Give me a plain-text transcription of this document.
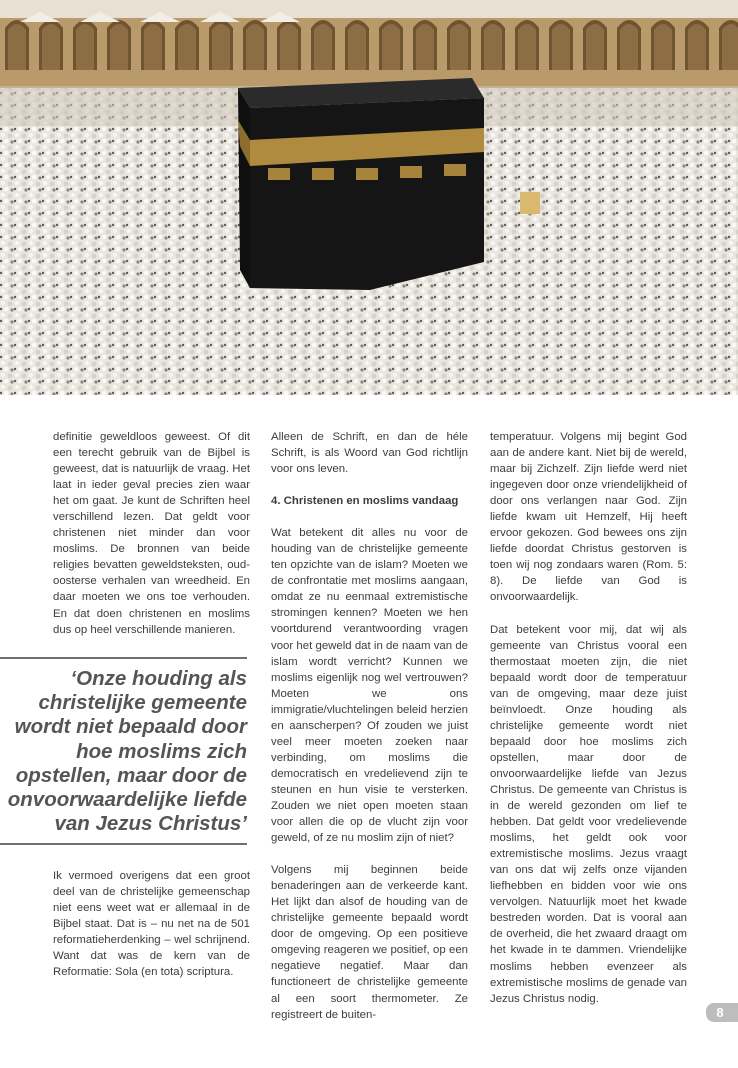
definitie geweldloos geweest. Of dit een terecht gebruik van de Bijbel is geweest, dat is natuurlijk de vraag. Het laat in ieder geval precies zien waar het om gaat. Je kunt de Schriften heel verschillend lezen. Dat geldt voor christenen niet minder dan voor moslims. De bronnen van beide religies bevatten geweldsteksten, oud-oosterse verhalen van wreedheid. En daar moeten we ons toe verhouden. En dat doen christenen en moslims dus op heel verschillende manieren.

‘Onze houding als christelijke gemeente wordt niet bepaald door hoe moslims zich opstellen, maar door de onvoorwaardelijke liefde van Jezus Christus’

Ik vermoed overigens dat een groot deel van de christelijke gemeenschap niet eens weet wat er allemaal in de Bijbel staat. Dat is – nu net na de 501 reformatieherdenking – wel schrijnend. Want dat was de kern van de Reformatie: Sola (en tota) scriptura.

Alleen de Schrift, en dan de héle Schrift, is als Woord van God richtlijn voor ons leven.

4. Christenen en moslims vandaag

Wat betekent dit alles nu voor de houding van de christelijke gemeente ten opzichte van de islam? Moeten we de confrontatie met moslims aangaan, omdat ze nu eenmaal extremistische stromingen kennen? Moeten we hen voortdurend verantwoording vragen voor het geweld dat in de naam van de islam wordt verricht? Kunnen we moslims eigenlijk nog wel vertrouwen? Moeten we ons immigratie/vluchtelingen beleid herzien en aanscherpen? Of zouden we juist veel meer moeten zoeken naar verbinding, om moslims die democratisch en vredelievend zijn te steunen en hun visie te versterken. Zouden we niet open moeten staan voor allen die op de vlucht zijn voor geweld, of ze nu moslim zijn of niet?

Volgens mij beginnen beide benaderingen aan de verkeerde kant. Het lijkt dan alsof de houding van de christelijke gemeente bepaald wordt door de omgeving. Op een positieve omgeving reageren we positief, op een negatieve negatief. Maar dan functioneert de christelijke gemeente al een soort thermometer. Ze registreert de buiten-

temperatuur. Volgens mij begint God aan de andere kant. Niet bij de wereld, maar bij Zichzelf. Zijn liefde werd niet ingegeven door onze vriendelijkheid of door ons verlangen naar God. Zijn liefde kwam uit Hemzelf, Hij heeft ervoor gekozen. God bewees ons zijn liefde doordat Christus gestorven is toen wij nog zondaars waren (Rom. 5: 8). De liefde van God is onvoorwaardelijk.

Dat betekent voor mij, dat wij als gemeente van Christus vooral een thermostaat moeten zijn, die niet bepaald wordt door de temperatuur van de omgeving, maar deze juist beïnvloedt. Onze houding als christelijke gemeente wordt niet bepaald door hoe moslims zich opstellen, maar door de onvoorwaardelijke liefde van Jezus Christus. De gemeente van Christus is in de wereld gezonden om lief te hebben. Dat geldt voor vredelievende moslims, het geldt ook voor extremistische moslims. Jezus vraagt van ons dat wij zelfs onze vijanden liefhebben en bidden voor wie ons vervolgen. Natuurlijk moet het kwade bestreden worden. Dat is vooral aan de overheid, die het zwaard draagt om het kwade in te dammen. Vriendelijke moslims hebben evenzeer als extremistische moslims de genade van Jezus Christus nodig.

8
